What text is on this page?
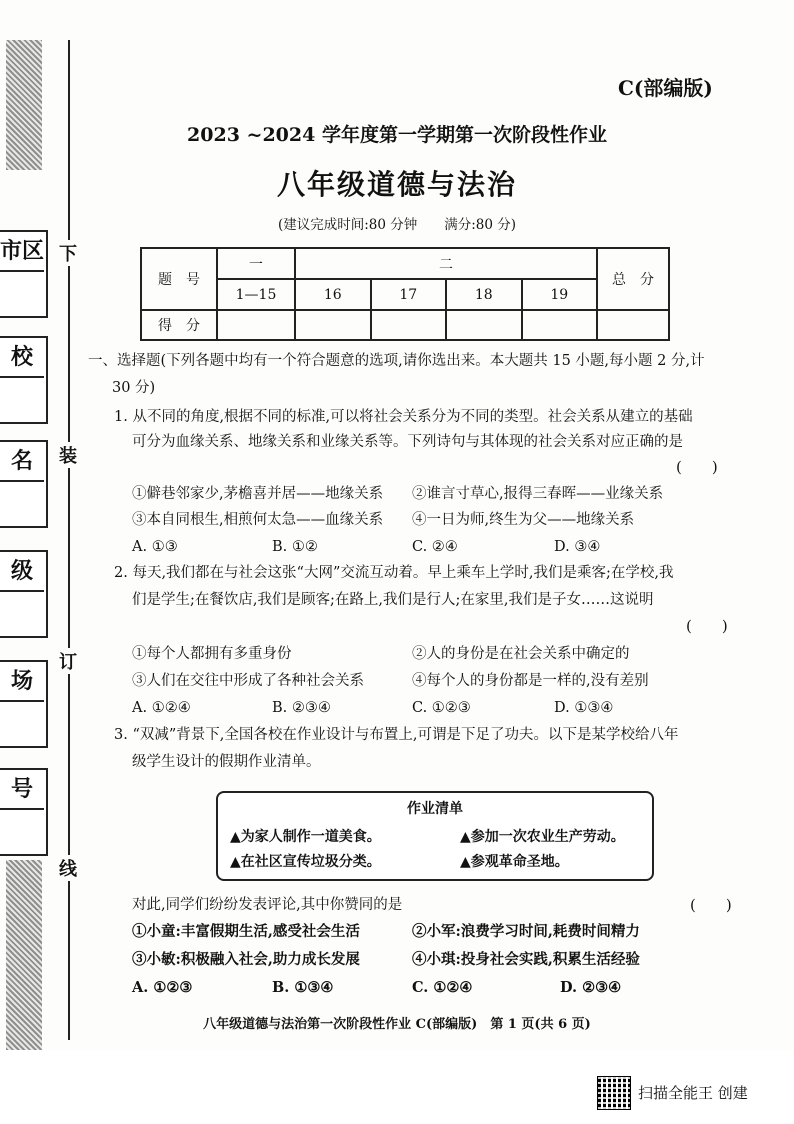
市区
校
名
级
场
号
下
装
订
线
C(部编版)
2023 ~2024 学年度第一学期第一次阶段性作业
八年级道德与法治
(建议完成时间:80 分钟　　满分:80 分)
题　号	一	二				总　分
	1—15	16	17	18	19	
得　分						
一、选择题(下列各题中均有一个符合题意的选项,请你选出来。本大题共 15 小题,每小题 2 分,计
30 分)
1. 从不同的角度,根据不同的标准,可以将社会关系分为不同的类型。社会关系从建立的基础
可分为血缘关系、地缘关系和业缘关系等。下列诗句与其体现的社会关系对应正确的是
(　　)
①僻巷邻家少,茅檐喜并居——地缘关系 ②谁言寸草心,报得三春晖——业缘关系
③本自同根生,相煎何太急——血缘关系 ④一日为师,终生为父——地缘关系
A. ①③	B. ①②	C. ②④	D. ③④
2. 每天,我们都在与社会这张“大网”交流互动着。早上乘车上学时,我们是乘客;在学校,我
们是学生;在餐饮店,我们是顾客;在路上,我们是行人;在家里,我们是子女……这说明
(　　)
①每个人都拥有多重身份	②人的身份是在社会关系中确定的
③人们在交往中形成了各种社会关系	④每个人的身份都是一样的,没有差别
A. ①②④	B. ②③④	C. ①②③	D. ①③④
3. “双减”背景下,全国各校在作业设计与布置上,可谓是下足了功夫。以下是某学校给八年
级学生设计的假期作业清单。
作业清单
▲为家人制作一道美食。	▲参加一次农业生产劳动。
▲在社区宣传垃圾分类。	▲参观革命圣地。
对此,同学们纷纷发表评论,其中你赞同的是	(　　)
①小童:丰富假期生活,感受社会生活	②小军:浪费学习时间,耗费时间精力
③小敏:积极融入社会,助力成长发展	④小琪:投身社会实践,积累生活经验
A. ①②③	B. ①③④	C. ①②④	D. ②③④
八年级道德与法治第一次阶段性作业 C(部编版)　第 1 页(共 6 页)
扫描全能王 创建
